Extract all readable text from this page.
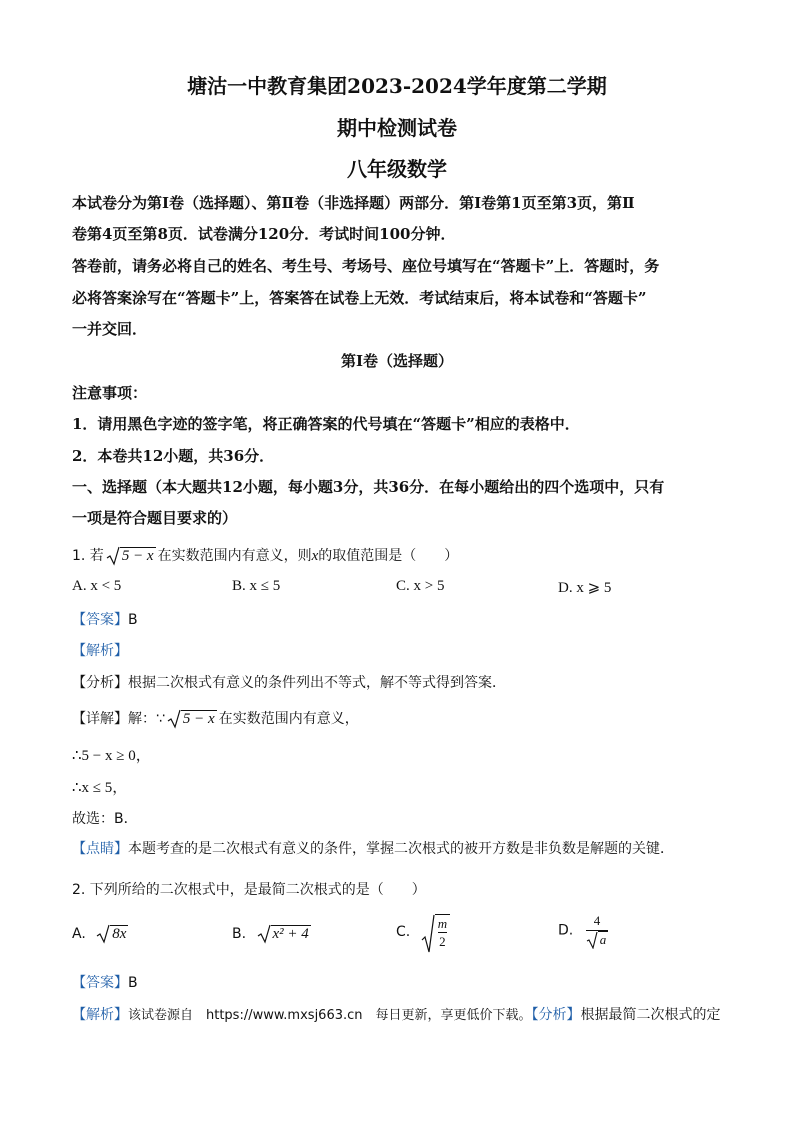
塘沽一中教育集团2023-2024学年度第二学期
期中检测试卷
八年级数学
本试卷分为第Ⅰ卷（选择题）、第Ⅱ卷（非选择题）两部分．第Ⅰ卷第1页至第3页，第Ⅱ
卷第4页至第8页．试卷满分120分．考试时间100分钟．
答卷前，请务必将自己的姓名、考生号、考场号、座位号填写在“答题卡”上．答题时，务
必将答案涂写在“答题卡”上，答案答在试卷上无效．考试结束后，将本试卷和“答题卡”
一并交回．
第Ⅰ卷（选择题）
注意事项：
1．请用黑色字迹的签字笔，将正确答案的代号填在“答题卡”相应的表格中．
2．本卷共12小题，共36分．
一、选择题（本大题共12小题，每小题3分，共36分．在每小题给出的四个选项中，只有
一项是符合题目要求的）
1. 若 5 − x 在实数范围内有意义，则x的取值范围是（　　）
A. x < 5	B. x ≤ 5	C. x > 5	D. x ⩾ 5
【答案】B
【解析】
【分析】根据二次根式有意义的条件列出不等式，解不等式得到答案．
【详解】解：∵ 5 − x 在实数范围内有意义，
∴5 − x ≥ 0，
∴x ≤ 5，
故选：B．
【点睛】本题考查的是二次根式有意义的条件，掌握二次根式的被开方数是非负数是解题的关键．
2. 下列所给的二次根式中，是最简二次根式的是（　　）
A. 8x	B. x² + 4	C. $\frac{m}{2}$	D. $\frac{4}{a}$
【答案】B
【解析】该试卷源自　https://www.mxsj663.cn　每日更新，享更低价下载。【分析】根据最简二次根式的定
